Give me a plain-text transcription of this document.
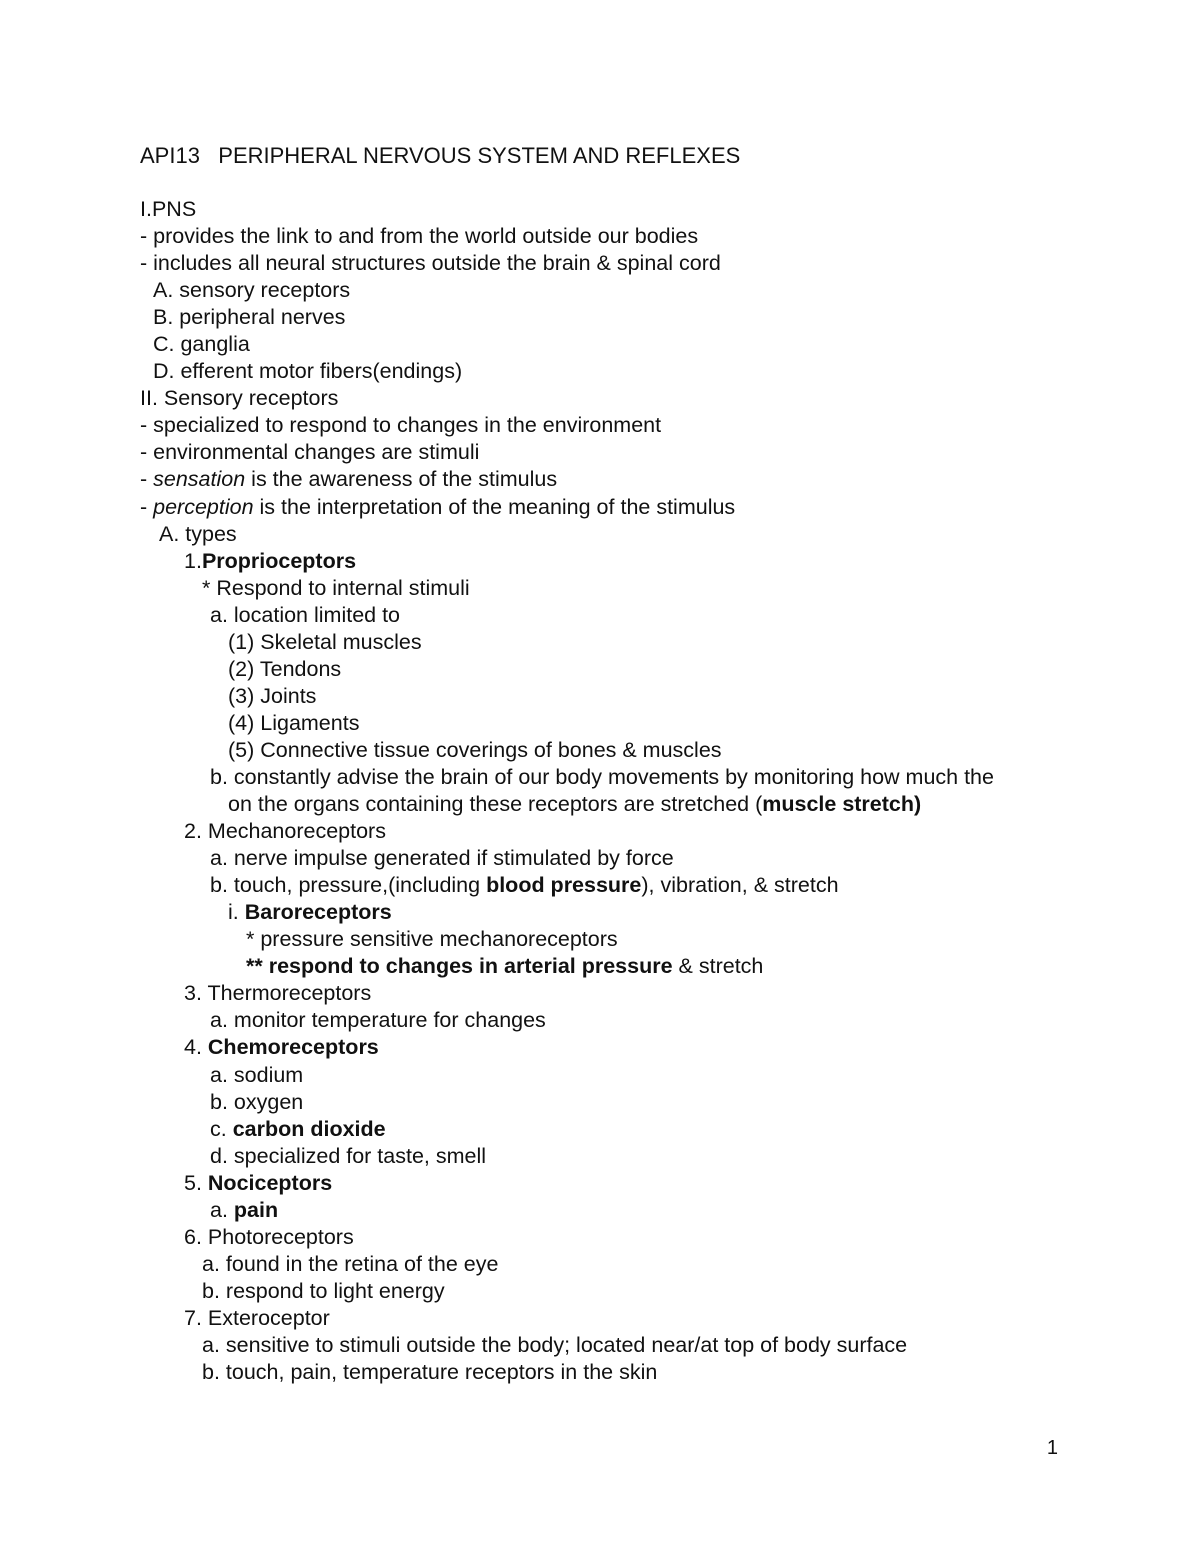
API13   PERIPHERAL NERVOUS SYSTEM AND REFLEXES
I.PNS
- provides the link to and from the world outside our bodies
- includes all neural structures outside the brain & spinal cord
A. sensory receptors
B. peripheral nerves
C. ganglia
D. efferent motor fibers(endings)
II. Sensory receptors
- specialized to respond to changes in the environment
- environmental changes are stimuli
- sensation is the awareness of the stimulus
- perception is the interpretation of the meaning of the stimulus
A. types
1.Proprioceptors
* Respond to internal stimuli
a. location limited to
(1) Skeletal muscles
(2) Tendons
(3) Joints
(4) Ligaments
(5) Connective tissue coverings of bones & muscles
b. constantly advise the brain of our body movements by monitoring how much the
on the organs containing these receptors are stretched (muscle stretch)
2. Mechanoreceptors
a. nerve impulse generated if stimulated by force
b. touch, pressure,(including blood pressure), vibration, & stretch
i. Baroreceptors
* pressure sensitive mechanoreceptors
** respond to changes in arterial pressure & stretch
3. Thermoreceptors
a. monitor temperature for changes
4. Chemoreceptors
a. sodium
b. oxygen
c. carbon dioxide
d. specialized for taste, smell
5. Nociceptors
a. pain
6. Photoreceptors
a. found in the retina of the eye
b. respond to light energy
7. Exteroceptor
a. sensitive to stimuli outside the body; located near/at top of body surface
b. touch, pain, temperature receptors in the skin
1
